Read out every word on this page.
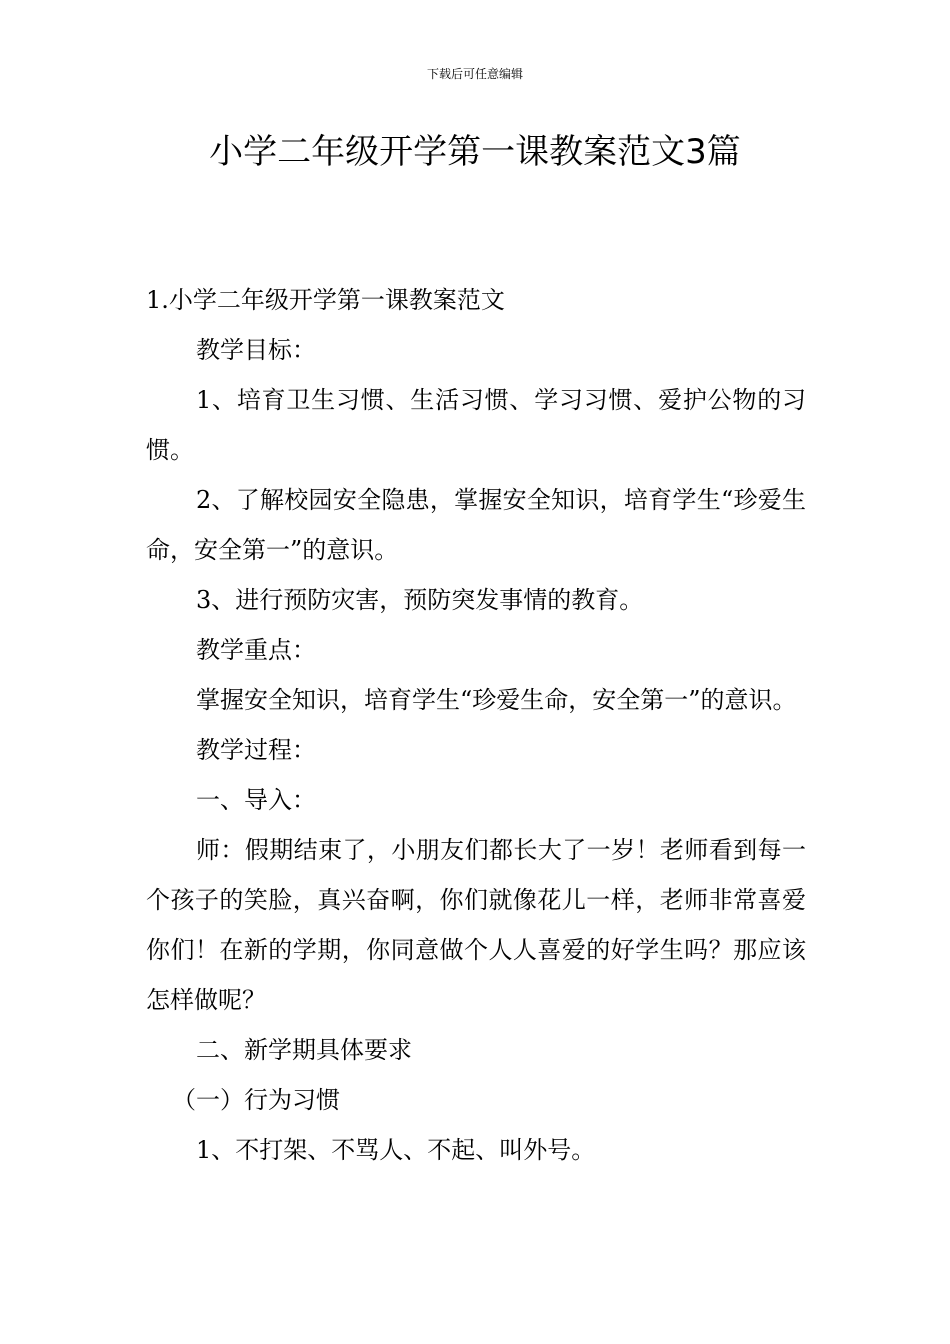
下载后可任意编辑
小学二年级开学第一课教案范文3篇

1.小学二年级开学第一课教案范文

教学目标：

1、培育卫生习惯、生活习惯、学习习惯、爱护公物的习惯。

2、了解校园安全隐患，掌握安全知识，培育学生“珍爱生命，安全第一”的意识。

3、进行预防灾害，预防突发事情的教育。

教学重点：

掌握安全知识，培育学生“珍爱生命，安全第一”的意识。

教学过程：

一、导入：

师：假期结束了，小朋友们都长大了一岁！老师看到每一个孩子的笑脸，真兴奋啊，你们就像花儿一样，老师非常喜爱你们！在新的学期，你同意做个人人喜爱的好学生吗？那应该怎样做呢？

二、新学期具体要求

（一）行为习惯

1、不打架、不骂人、不起、叫外号。
